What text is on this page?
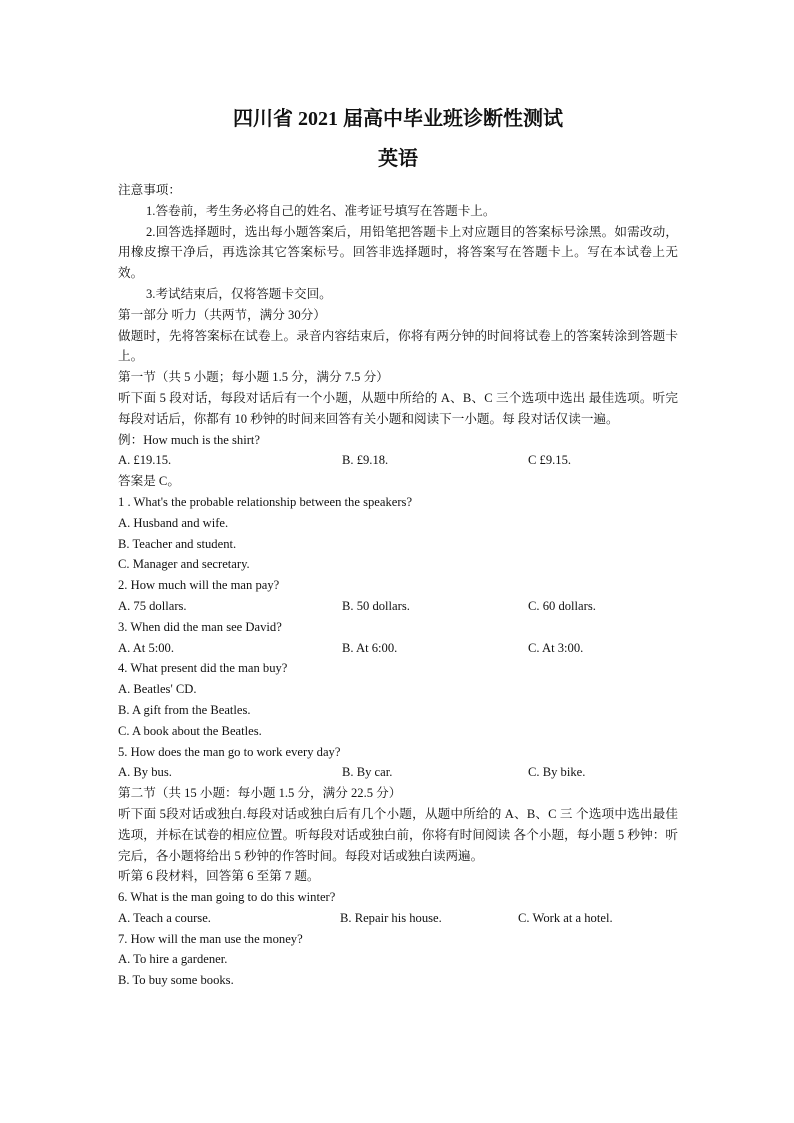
四川省 2021 届高中毕业班诊断性测试
英语
注意事项：
1.答卷前，考生务必将自己的姓名、准考证号填写在答题卡上。
2.回答选择题时，选出每小题答案后，用铅笔把答题卡上对应题目的答案标号涂黑。如需改动，用橡皮擦干净后，再选涂其它答案标号。回答非选择题时，将答案写在答题卡上。写在本试卷上无效。
3.考试结束后，仅将答题卡交回。
第一部分 听力（共两节，满分 30分）
做题时，先将答案标在试卷上。录音内容结束后，你将有两分钟的时间将试卷上的答案转涂到答题卡上。
第一节（共 5 小题；每小题 1.5 分，满分 7.5 分）
听下面 5 段对话，每段对话后有一个小题，从题中所给的 A、B、C 三个选项中选出 最佳选项。听完每段对话后，你都有 10 秒钟的时间来回答有关小题和阅读下一小题。每 段对话仅读一遍。
例：How much is the shirt?
A. £19.15.	B. £9.18.	C £9.15.
答案是 C。
1 . What's the probable relationship between the speakers?
A. Husband and wife.
B. Teacher and student.
C. Manager and secretary.
2. How much will the man pay?
A. 75 dollars.	B. 50 dollars.	C. 60 dollars.
3. When did the man see David?
A. At 5:00.	B. At 6:00.	C. At 3:00.
4. What present did the man buy?
A. Beatles' CD.
B. A gift from the Beatles.
C. A book about the Beatles.
5. How does the man go to work every day?
A. By bus.	B. By car.	C. By bike.
第二节（共 15 小题：每小题 1.5 分，满分 22.5 分）
听下面 5段对话或独白.每段对话或独白后有几个小题，从题中所给的 A、B、C 三 个选项中选出最佳选项，并标在试卷的相应位置。听每段对话或独白前，你将有时间阅读 各个小题，每小题 5 秒钟：听完后，各小题将给出 5 秒钟的作答时间。每段对话或独白读两遍。
听第 6 段材料，回答第 6 至第 7 题。
6. What is the man going to do this winter?
A. Teach a course.	B. Repair his house.	C. Work at a hotel.
7. How will the man use the money?
A. To hire a gardener.
B. To buy some books.
